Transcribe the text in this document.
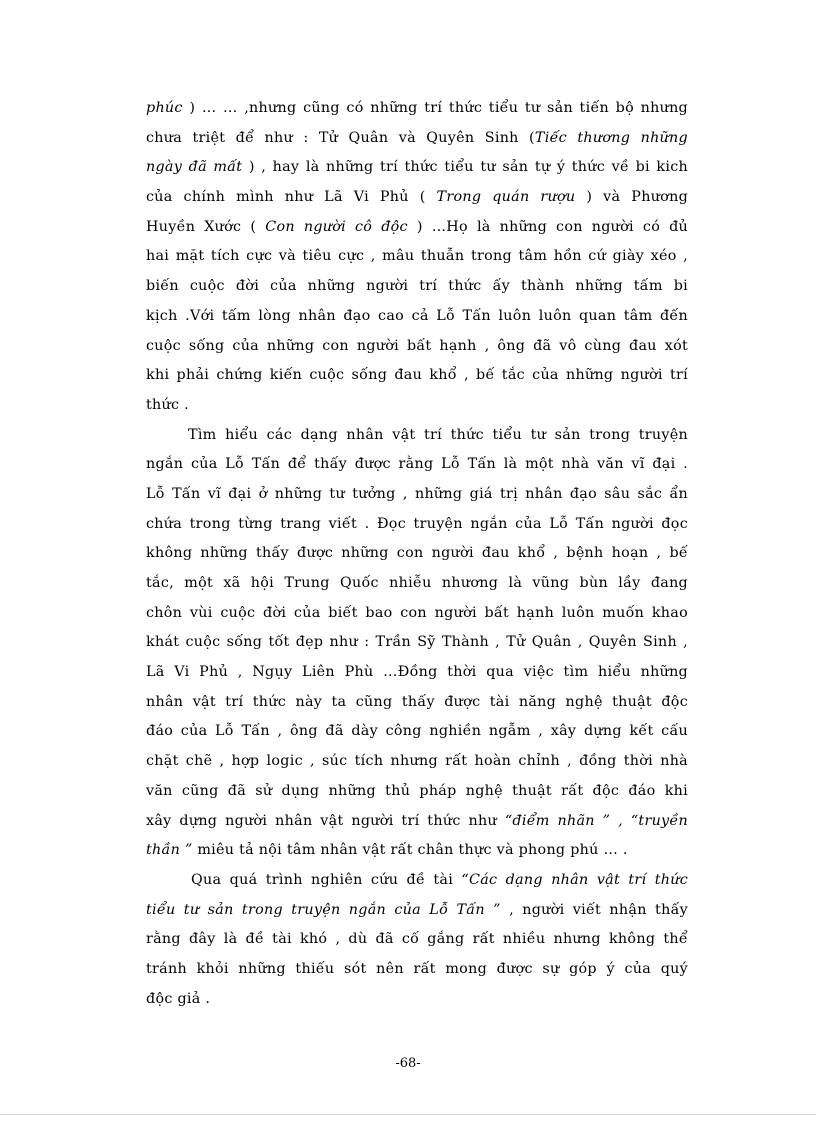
phúc ) … … ,nhưng cũng có những trí thức tiểu tư sản tiến bộ nhưng
chưa triệt để như : Tử Quân và Quyên Sinh (Tiếc thương những
ngày đã mất ) , hay là những trí thức tiểu tư sản tự ý thức về bi kich
của chính mình như Lã Vi Phủ ( Trong quán rượu ) và Phương
Huyền Xước ( Con người cô độc ) …Họ là những con người có đủ
hai mặt tích cực và tiêu cực , mâu thuẫn trong tâm hồn cứ giày xéo ,
biến cuộc đời của những người trí thức ấy thành những tấm bi
kịch .Với tấm lòng nhân đạo cao cả Lỗ Tấn luôn luôn quan tâm đến
cuộc sống của những con người bất hạnh , ông đã vô cùng đau xót
khi phải chứng kiến cuộc sống đau khổ , bế tắc của những người trí
thức .
Tìm hiểu các dạng nhân vật trí thức tiểu tư sản trong truyện
ngắn của Lỗ Tấn để thấy được rằng Lỗ Tấn là một nhà văn vĩ đại .
Lỗ Tấn vĩ đại ở những tư tưởng , những giá trị nhân đạo sâu sắc ẩn
chứa trong từng trang viết . Đọc truyện ngắn của Lỗ Tấn người đọc
không những thấy được những con người đau khổ , bệnh hoạn , bế
tắc, một xã hội Trung Quốc nhiễu nhương là vũng bùn lầy đang
chôn vùi cuộc đời của biết bao con người bất hạnh luôn muốn khao
khát cuộc sống tốt đẹp như : Trần Sỹ Thành , Tử Quân , Quyên Sinh ,
Lã Vi Phủ , Ngụy Liên Phù …Đồng thời qua việc tìm hiểu những
nhân vật trí thức này ta cũng thấy được tài năng nghệ thuật độc
đáo của Lỗ Tấn , ông đã dày công nghiền ngẫm , xây dựng kết cấu
chặt chẽ , hợp logic , súc tích nhưng rất hoàn chỉnh , đồng thời nhà
văn cũng đã sử dụng những thủ pháp nghệ thuật rất độc đáo khi
xây dựng người nhân vật người trí thức như “điểm nhãn ” , “truyền
thần ” miêu tả nội tâm nhân vật rất chân thực và phong phú … .
Qua quá trình nghiên cứu đề tài “Các dạng nhân vật trí thức
tiểu tư sản trong truyện ngắn của Lỗ Tấn ” , người viết nhận thấy
rằng đây là đề tài khó , dù đã cố gắng rất nhiều nhưng không thể
tránh khỏi những thiếu sót nên rất mong được sự góp ý của quý
độc giả .
-68-
